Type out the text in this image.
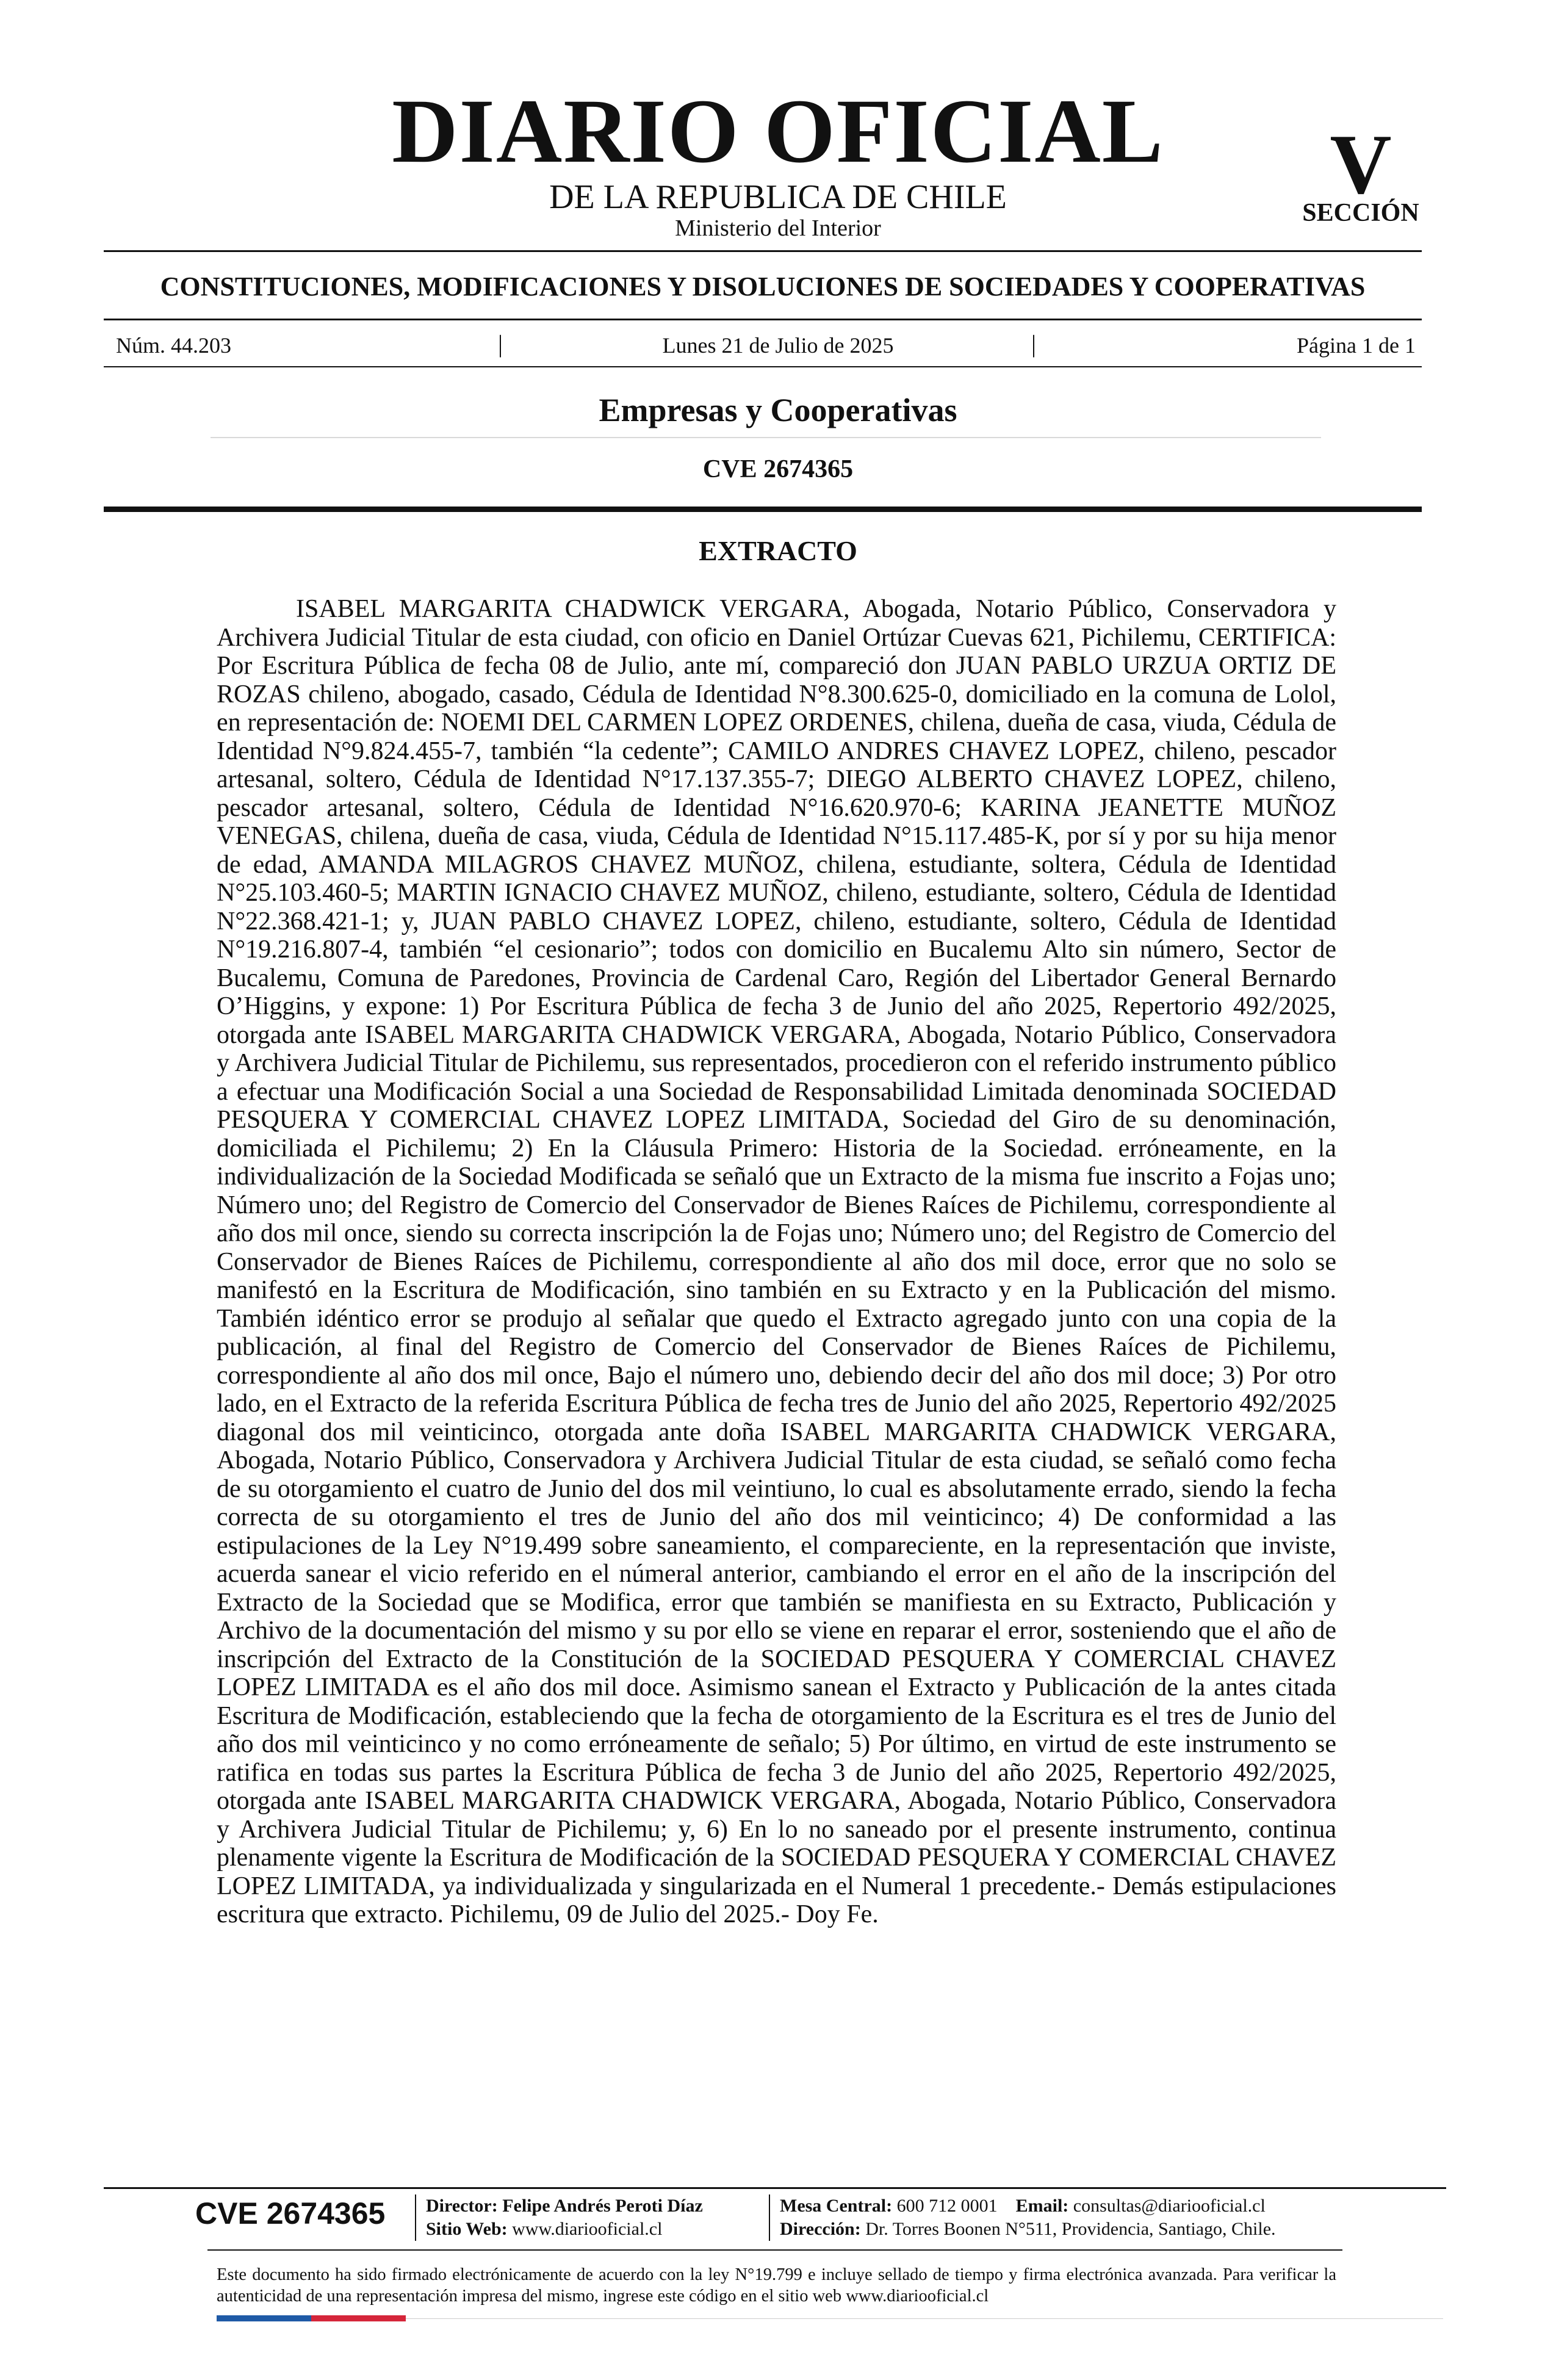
DIARIO OFICIAL
DE LA REPUBLICA DE CHILE
Ministerio del Interior
V
SECCIÓN
CONSTITUCIONES, MODIFICACIONES Y DISOLUCIONES DE SOCIEDADES Y COOPERATIVAS
Núm. 44.203	|	Lunes 21 de Julio de 2025	|	Página 1 de 1
Empresas y Cooperativas
CVE 2674365
EXTRACTO

ISABEL MARGARITA CHADWICK VERGARA, Abogada, Notario Público, Conservadora y Archivera Judicial Titular de esta ciudad, con oficio en Daniel Ortúzar Cuevas 621, Pichilemu, CERTIFICA: Por Escritura Pública de fecha 08 de Julio, ante mí, compareció don JUAN PABLO URZUA ORTIZ DE ROZAS chileno, abogado, casado, Cédula de Identidad N°8.300.625-0, domiciliado en la comuna de Lolol, en representación de: NOEMI DEL CARMEN LOPEZ ORDENES, chilena, dueña de casa, viuda, Cédula de Identidad N°9.824.455-7, también “la cedente”; CAMILO ANDRES CHAVEZ LOPEZ, chileno, pescador artesanal, soltero, Cédula de Identidad N°17.137.355-7; DIEGO ALBERTO CHAVEZ LOPEZ, chileno, pescador artesanal, soltero, Cédula de Identidad N°16.620.970-6; KARINA JEANETTE MUÑOZ VENEGAS, chilena, dueña de casa, viuda, Cédula de Identidad N°15.117.485-K, por sí y por su hija menor de edad, AMANDA MILAGROS CHAVEZ MUÑOZ, chilena, estudiante, soltera, Cédula de Identidad N°25.103.460-5; MARTIN IGNACIO CHAVEZ MUÑOZ, chileno, estudiante, soltero, Cédula de Identidad N°22.368.421-1; y, JUAN PABLO CHAVEZ LOPEZ, chileno, estudiante, soltero, Cédula de Identidad N°19.216.807-4, también “el cesionario”; todos con domicilio en Bucalemu Alto sin número, Sector de Bucalemu, Comuna de Paredones, Provincia de Cardenal Caro, Región del Libertador General Bernardo O’Higgins, y expone: 1) Por Escritura Pública de fecha 3 de Junio del año 2025, Repertorio 492/2025, otorgada ante ISABEL MARGARITA CHADWICK VERGARA, Abogada, Notario Público, Conservadora y Archivera Judicial Titular de Pichilemu, sus representados, procedieron con el referido instrumento público a efectuar una Modificación Social a una Sociedad de Responsabilidad Limitada denominada SOCIEDAD PESQUERA Y COMERCIAL CHAVEZ LOPEZ LIMITADA, Sociedad del Giro de su denominación, domiciliada el Pichilemu; 2) En la Cláusula Primero: Historia de la Sociedad. erróneamente, en la individualización de la Sociedad Modificada se señaló que un Extracto de la misma fue inscrito a Fojas uno; Número uno; del Registro de Comercio del Conservador de Bienes Raíces de Pichilemu, correspondiente al año dos mil once, siendo su correcta inscripción la de Fojas uno; Número uno; del Registro de Comercio del Conservador de Bienes Raíces de Pichilemu, correspondiente al año dos mil doce, error que no solo se manifestó en la Escritura de Modificación, sino también en su Extracto y en la Publicación del mismo. También idéntico error se produjo al señalar que quedo el Extracto agregado junto con una copia de la publicación, al final del Registro de Comercio del Conservador de Bienes Raíces de Pichilemu, correspondiente al año dos mil once, Bajo el número uno, debiendo decir del año dos mil doce; 3) Por otro lado, en el Extracto de la referida Escritura Pública de fecha tres de Junio del año 2025, Repertorio 492/2025 diagonal dos mil veinticinco, otorgada ante doña ISABEL MARGARITA CHADWICK VERGARA, Abogada, Notario Público, Conservadora y Archivera Judicial Titular de esta ciudad, se señaló como fecha de su otorgamiento el cuatro de Junio del dos mil veintiuno, lo cual es absolutamente errado, siendo la fecha correcta de su otorgamiento el tres de Junio del año dos mil veinticinco; 4) De conformidad a las estipulaciones de la Ley N°19.499 sobre saneamiento, el compareciente, en la representación que inviste, acuerda sanear el vicio referido en el númeral anterior, cambiando el error en el año de la inscripción del Extracto de la Sociedad que se Modifica, error que también se manifiesta en su Extracto, Publicación y Archivo de la documentación del mismo y su por ello se viene en reparar el error, sosteniendo que el año de inscripción del Extracto de la Constitución de la SOCIEDAD PESQUERA Y COMERCIAL CHAVEZ LOPEZ LIMITADA es el año dos mil doce. Asimismo sanean el Extracto y Publicación de la antes citada Escritura de Modificación, estableciendo que la fecha de otorgamiento de la Escritura es el tres de Junio del año dos mil veinticinco y no como erróneamente de señalo; 5) Por último, en virtud de este instrumento se ratifica en todas sus partes la Escritura Pública de fecha 3 de Junio del año 2025, Repertorio 492/2025, otorgada ante ISABEL MARGARITA CHADWICK VERGARA, Abogada, Notario Público, Conservadora y Archivera Judicial Titular de Pichilemu; y, 6) En lo no saneado por el presente instrumento, continua plenamente vigente la Escritura de Modificación de la SOCIEDAD PESQUERA Y COMERCIAL CHAVEZ LOPEZ LIMITADA, ya individualizada y singularizada en el Numeral 1 precedente.- Demás estipulaciones escritura que extracto. Pichilemu, 09 de Julio del 2025.- Doy Fe.

CVE 2674365 Director: Felipe Andrés Peroti Díaz
Sitio Web: www.diariooficial.cl
Mesa Central: 600 712 0001 Email: consultas@diariooficial.cl
Dirección: Dr. Torres Boonen N°511, Providencia, Santiago, Chile.

Este documento ha sido firmado electrónicamente de acuerdo con la ley N°19.799 e incluye sellado de tiempo y firma electrónica avanzada. Para verificar la autenticidad de una representación impresa del mismo, ingrese este código en el sitio web www.diariooficial.cl
